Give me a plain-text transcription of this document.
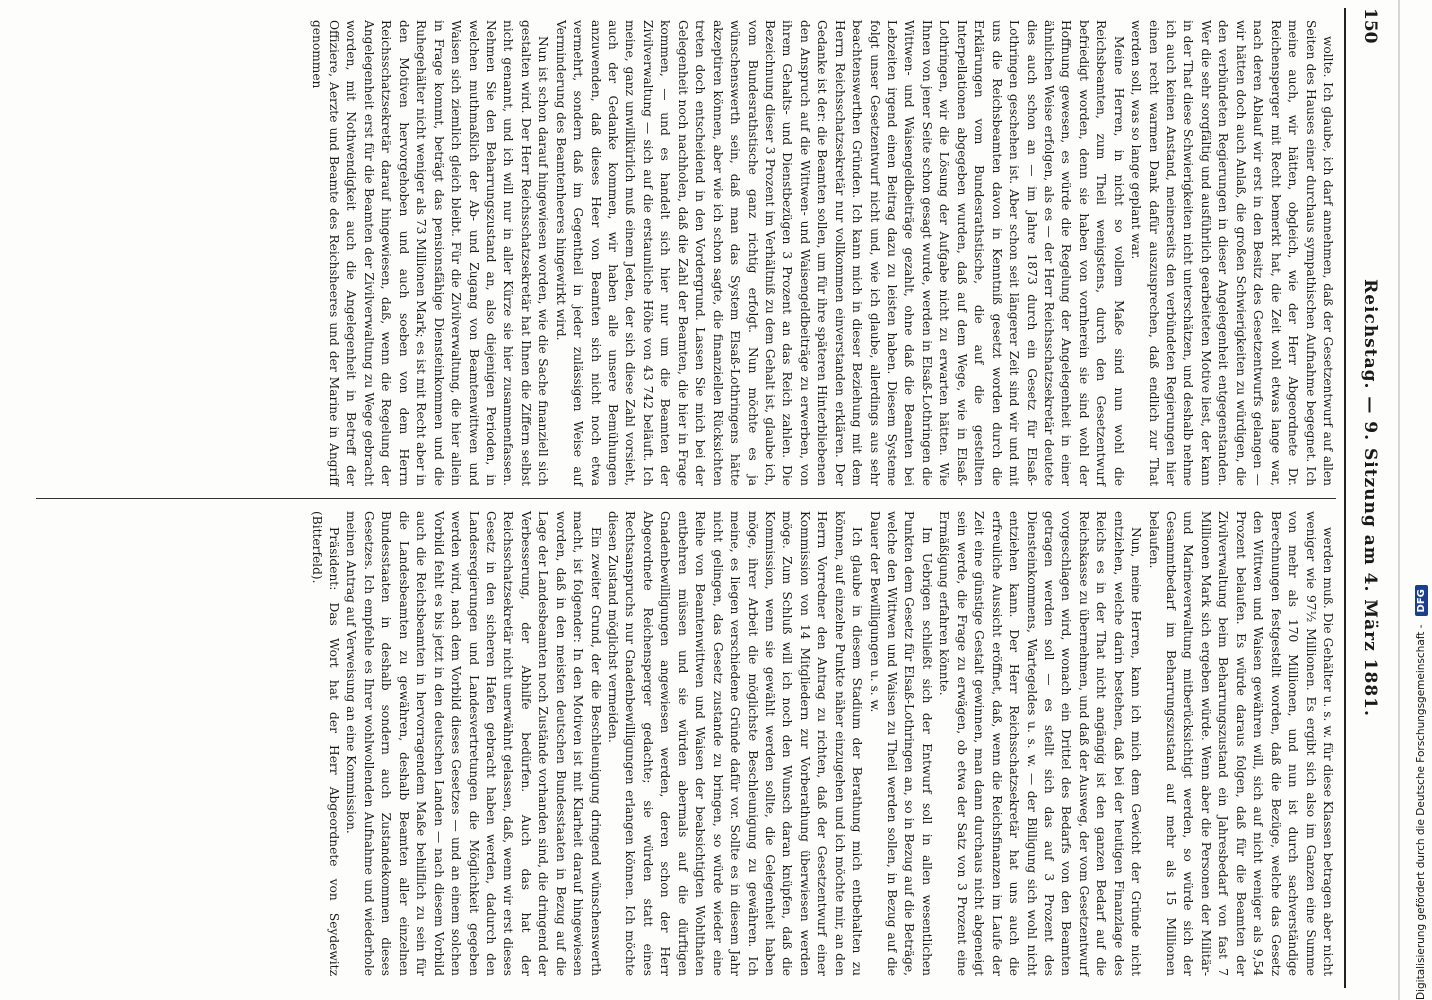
150
Reichstag. — 9. Sitzung am 4. März 1881.

wollte. Ich glaube, ich darf annehmen, daß der Gesetzentwurf auf allen Seiten des Hauses einer durchaus sympathischen Aufnahme begegnet. Ich meine auch, wir hätten, obgleich, wie der Herr Abgeordnete Dr. Reichensperger mit Recht bemerkt hat, die Zeit wohl etwas lange war, nach deren Ablauf wir erst in den Besitz des Gesetzentwurfs gelangen — wir hätten doch auch Anlaß, die großen Schwierigkeiten zu würdigen, die den verbündeten Regierungen in dieser Angelegenheit entgegenstanden. Wer die sehr sorgfältig und ausführlich gearbeiteten Motive liest, der kann in der That diese Schwierigkeiten nicht unterschätzen, und deshalb nehme ich auch keinen Anstand, meinerseits den verbündeten Regierungen hier einen recht warmen Dank dafür auszusprechen, daß endlich zur That werden soll, was so lange geplant war.

Meine Herren, in nicht so vollem Maße sind nun wohl die Reichsbeamten, zum Theil wenigstens, durch den Gesetzentwurf befriedigt worden, denn sie haben von vornherein sie sind wohl der Hoffnung gewesen, es würde die Regelung der Angelegenheit in einer ähnlichen Weise erfolgen, als es — der Herr Reichsschatzsekretär deutete dies auch schon an — im Jahre 1873 durch ein Gesetz für Elsaß-Lothringen geschehen ist. Aber schon seit längerer Zeit sind wir und mit uns die Reichsbeamten davon in Kenntniß gesetzt worden durch die Erklärungen vom Bundesrathstische, die auf die gestellten Interpellationen abgegeben wurden, daß auf dem Wege, wie in Elsaß-Lothringen, wir die Lösung der Aufgabe nicht zu erwarten hätten. Wie Ihnen von jener Seite schon gesagt wurde, werden in Elsaß-Lothringen die Wittwen- und Waisengeldbeiträge gezahlt, ohne daß die Beamten bei Lebzeiten irgend einen Beitrag dazu zu leisten haben. Diesem Systeme folgt unser Gesetzentwurf nicht und, wie ich glaube, allerdings aus sehr beachtenswerthen Gründen. Ich kann mich in dieser Beziehung mit dem Herrn Reichsschatzsekretär nur vollkommen einverstanden erklären. Der Gedanke ist der: die Beamten sollen, um für ihre späteren Hinterbliebenen den Anspruch auf die Wittwen- und Waisengeldbeiträge zu erwerben, von ihrem Gehalts- und Dienstbezügen 3 Prozent an das Reich zahlen. Die Bezeichnung dieser 3 Prozent im Verhältniß zu dem Gehalt ist, glaube ich, vom Bundesrathstische ganz richtig erfolgt. Nun möchte es ja wünschenswerth sein, daß man das System Elsaß-Lothringens hätte akzeptiren können, aber wie ich schon sagte, die finanziellen Rücksichten treten doch entscheidend in den Vordergrund. Lassen Sie mich bei der Gelegenheit noch nachholen, daß die Zahl der Beamten, die hier in Frage kommen, — und es handelt sich hier nur um die Beamten der Zivilverwaltung — sich auf die erstaunliche Höhe von 43 742 beläuft. Ich meine, ganz unwillkürlich muß einem Jeden, der sich diese Zahl vorsieht, auch der Gedanke kommen, wir haben alle unsere Bemühungen anzuwenden, daß dieses Heer von Beamten sich nicht noch etwa vermehrt, sondern daß im Gegentheil in jeder zulässigen Weise auf Verminderung des Beamtenheeres hingewirkt wird.

Nun ist schon darauf hingewiesen worden, wie die Sache finanziell sich gestalten wird. Der Herr Reichsschatzsekretär hat Ihnen die Ziffern selbst nicht genannt, und ich will nur in aller Kürze sie hier zusammenfassen. Nehmen Sie den Beharrungszustand an, also diejenigen Perioden, in welchen muthmaßlich der Ab- und Zugang von Beamtenwittwen und Waisen sich ziemlich gleich bleibt. Für die Zivilverwaltung, die hier allein in Frage kommt, beträgt das pensionsfähige Diensteinkommen und die Ruhegehälter nicht weniger als 73 Millionen Mark; es ist mit Recht aber in den Motiven hervorgehoben und auch soeben von dem Herrn Reichsschatzsekretär darauf hingewiesen, daß, wenn die Regelung der Angelegenheit erst für die Beamten der Zivilverwaltung zu Wege gebracht worden, mit Nothwendigkeit auch die Angelegenheit in Betreff der Offiziere, Aerzte und Beamte des Reichsheeres und der Marine in Angriff genommen

werden muß. Die Gehälter u. s. w. für diese Klassen betragen aber nicht weniger wie 97½ Millionen. Es ergibt sich also im Ganzen eine Summe von mehr als 170 Millionen, und nun ist durch sachverständige Berechnungen festgestellt worden, daß die Bezüge, welche das Gesetz den Wittwen und Waisen gewähren will, sich auf nicht weniger als 9,54 Prozent belaufen. Es würde daraus folgen, daß für die Beamten der Zivilverwaltung beim Beharrungszustand ein Jahresbedarf von fast 7 Millionen Mark sich ergeben würde. Wenn aber die Personen der Militär- und Marineverwaltung mitberücksichtigt werden, so würde sich der Gesammtbedarf im Beharrungszustand auf mehr als 15 Millionen belaufen.

Nun, meine Herren, kann ich mich dem Gewicht der Gründe nicht entziehen, welche darin bestehen, daß bei der heutigen Finanzlage des Reichs es in der That nicht angängig ist den ganzen Bedarf auf die Reichskasse zu übernehmen, und daß der Ausweg, der vom Gesetzentwurf vorgeschlagen wird, wonach ein Drittel des Bedarfs von den Beamten getragen werden soll — es stellt sich das auf 3 Prozent des Diensteinkommens, Wartegeldes u. s. w. — der Billigung sich wohl nicht entziehen kann. Der Herr Reichsschatzsekretär hat uns auch die erfreuliche Aussicht eröffnet, daß, wenn die Reichsfinanzen im Laufe der Zeit eine günstige Gestalt gewinnen, man dann durchaus nicht abgeneigt sein werde, die Frage zu erwägen, ob etwa der Satz von 3 Prozent eine Ermäßigung erfahren könnte.

Im Uebrigen schließt sich der Entwurf soll in allen wesentlichen Punkten dem Gesetz für Elsaß-Lothringen an, so in Bezug auf die Beträge, welche den Wittwen und Waisen zu Theil werden sollen, in Bezug auf die Dauer der Bewilligungen u. s. w.

Ich glaube in diesem Stadium der Berathung mich entbehalten zu können, auf einzelne Punkte näher einzugehen und ich möchte mir, an den Herrn Vorredner den Antrag zu richten, daß der Gesetzentwurf einer Kommission von 14 Mitgliedern zur Vorberathung überwiesen werden möge. Zum Schluß will ich noch den Wunsch daran knüpfen, daß die Kommission, wenn sie gewählt werden sollte, die Gelegenheit haben möge, ihrer Arbeit die möglichste Beschleunigung zu gewähren. Ich meine, es liegen verschiedene Gründe dafür vor. Sollte es in diesem Jahr nicht gelingen, das Gesetz zustande zu bringen, so würde wieder eine Reihe von Beamtenwittwen und Waisen der beabsichtigten Wohlthaten entbehren müssen und sie würden abermals auf die dürftigen Gnadenbewilligungen angewiesen werden, deren schon der Herr Abgeordnete Reichensperger gedachte; sie würden statt eines Rechtsanspruchs nur Gnadenbewilligungen erlangen können. Ich möchte diesen Zustand möglichst vermeiden.

Ein zweiter Grund, der die Beschleunigung dringend wünschenswerth macht, ist folgender: In den Motiven ist mit Klarheit darauf hingewiesen worden, daß in den meisten deutschen Bundesstaaten in Bezug auf die Lage der Landesbeamten noch Zustände vorhanden sind, die dringend der Verbesserung, der Abhilfe bedürfen. Auch das hat der Reichsschatzsekretär nicht unerwähnt gelassen, daß, wenn wir erst dieses Gesetz in den sicheren Hafen gebracht haben werden, dadurch den Landesregierungen und Landesvertretungen die Möglichkeit gegeben werden wird, nach dem Vorbild dieses Gesetzes — und an einem solchen Vorbild fehlt es bis jetzt in den deutschen Landen — nach diesem Vorbild auch die Reichsbeamten in hervorragendem Maße behilflich zu sein für die Landesbeamten zu gewähren, deshalb Beamten aller einzelnen Bundesstaaten in deshalb sondern auch Zustandekommen dieses Gesetzes. Ich empfehle es Ihrer wohlwollenden Aufnahme und wiederhole meinen Antrag auf Verweisung an eine Kommission.

Präsident: Das Wort hat der Herr Abgeordnete von Seydewitz (Bitterfeld).

Digitalisierung gefördert durch die Deutsche Forschungsgemeinschaft -
DFG
